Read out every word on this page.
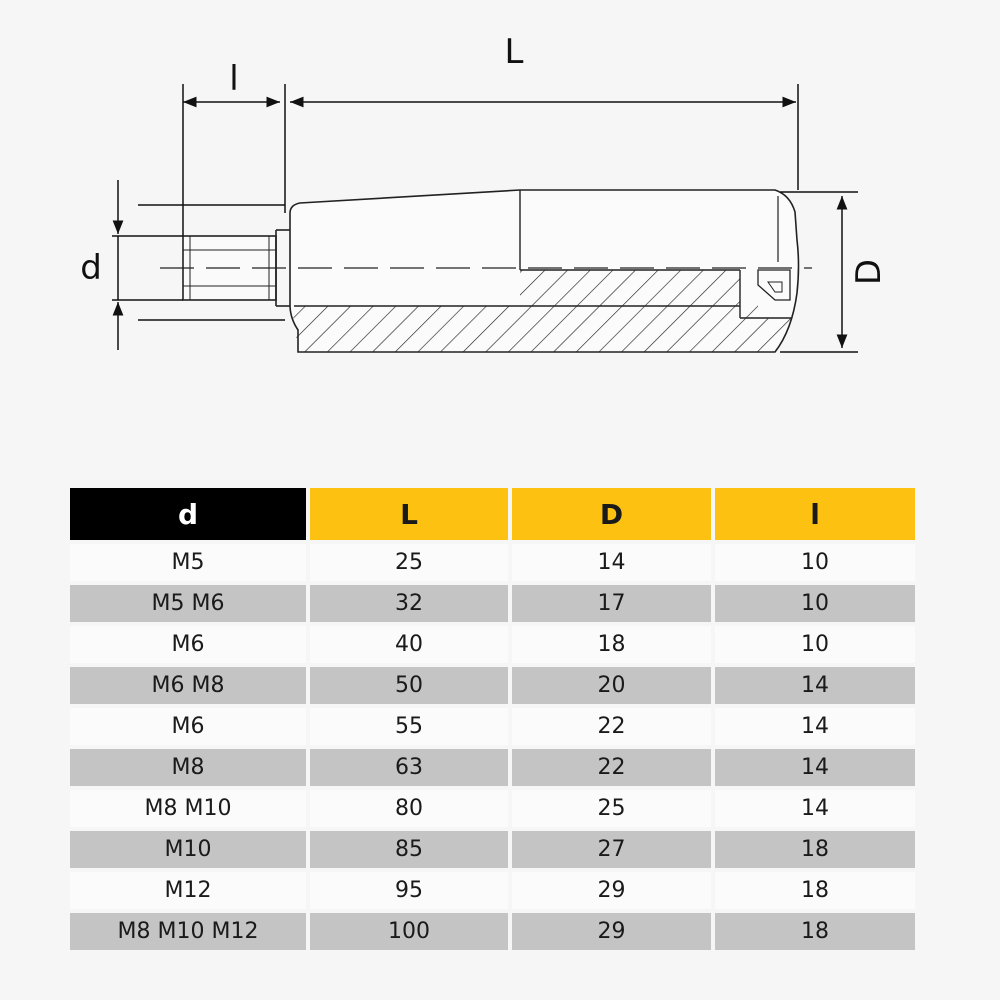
L
l
d	D
d	L	D	l
M5	25	14	10
M5 M6	32	17	10
M6	40	18	10
M6 M8	50	20	14
M6	55	22	14
M8	63	22	14
M8 M10	80	25	14
M10	85	27	18
M12	95	29	18
M8 M10 M12	100	29	18
